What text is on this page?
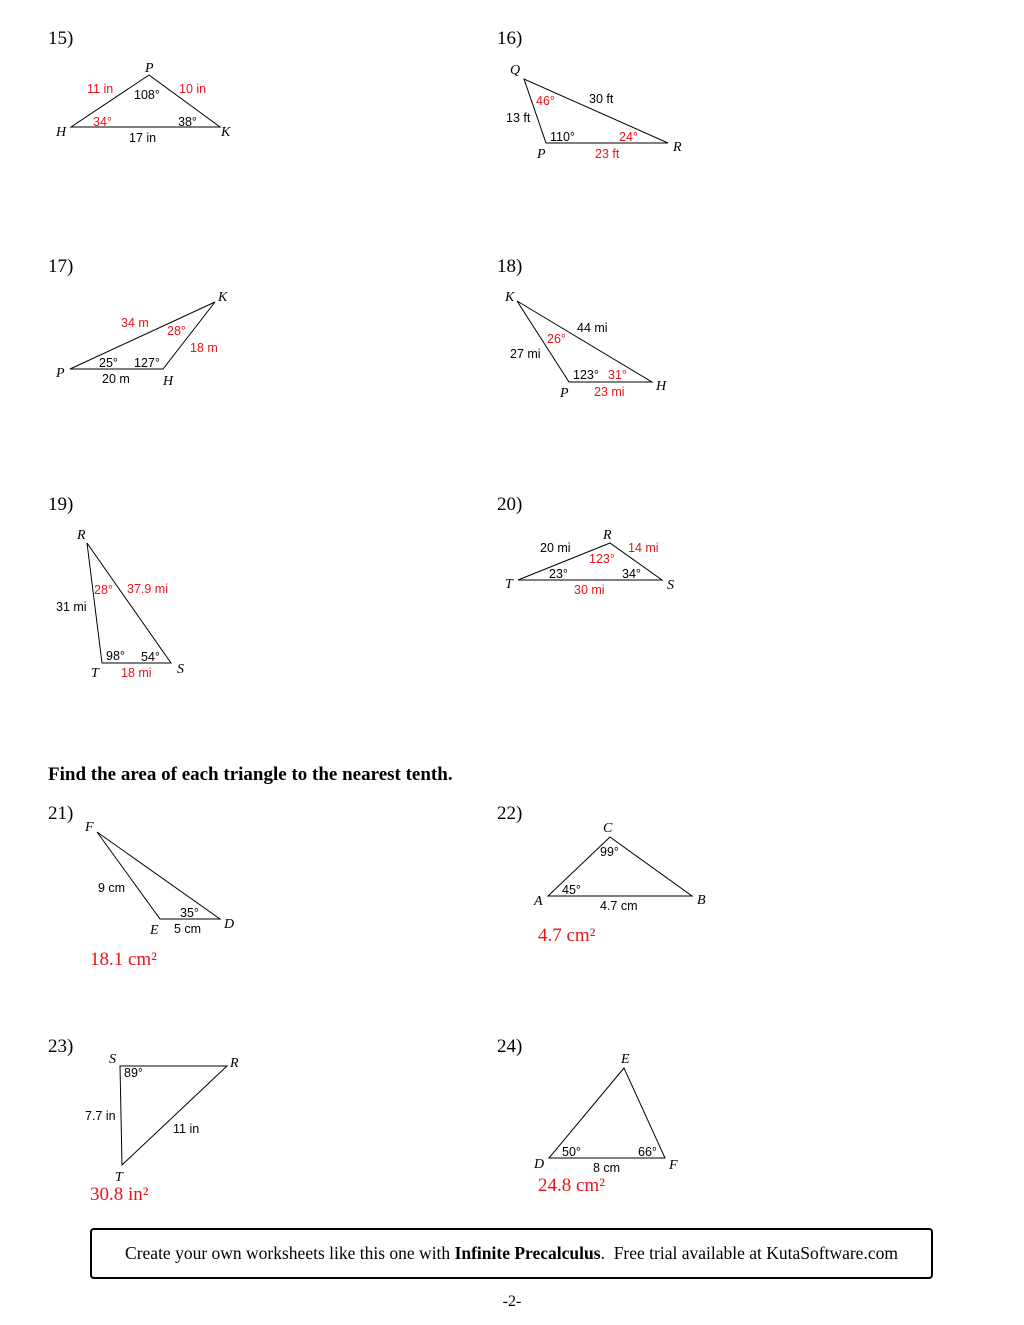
15)	16)
17)	18)
19)	20)
21)	22)
23)	24)
P
H	K
11 in	10 in
108°
34°	38°
17 in
Q
P	R
46°	30 ft
13 ft
110°	24°
23 ft
K
P
H
34 m
28°
18 m
25° 127°
20 m
K
P	H
44 mi
26°
27 mi
123° 31°
23 mi
R
T	S
28° 37.9 mi
31 mi
98° 54°
18 mi
R
T	S
20 mi	14 mi
123°
23°	34°
30 mi
F
E	D
9 cm
35°
5 cm
C
A	B
99°
45°
4.7 cm
S	R
T
89°
7.7 in
11 in
E
D	F
50°	66°
8 cm
Find the area of each triangle to the nearest tenth.
18.1 cm²
4.7 cm²
30.8 in²	24.8 cm²
Create your own worksheets like this one with Infinite Precalculus .  Free trial available at KutaSoftware.com
-2-
